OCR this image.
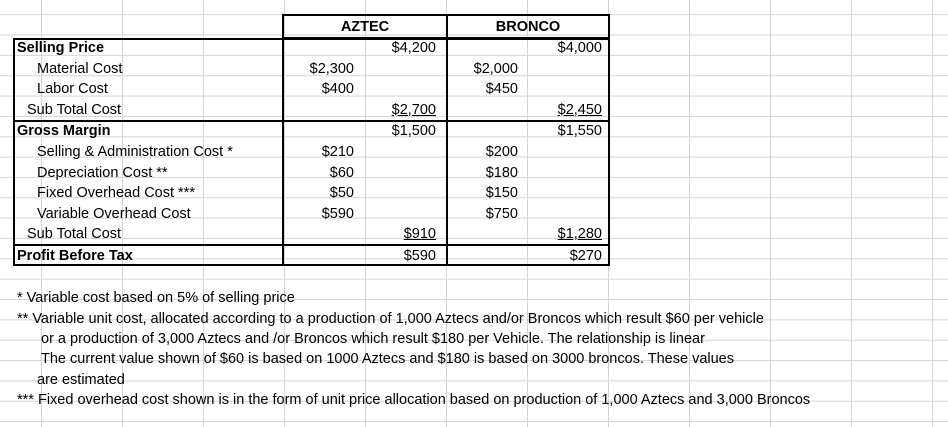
AZTEC	BRONCO
Selling Price	$4,200	$4,000
Material Cost	$2,300	$2,000
Labor Cost	$400	$450
Sub Total Cost	$2,700	$2,450
Gross Margin	$1,500	$1,550
Selling & Administration Cost *	$210	$200
Depreciation Cost **	$60	$180
Fixed Overhead Cost ***	$50	$150
Variable Overhead Cost	$590	$750
Sub Total Cost	$910	$1,280
Profit Before Tax	$590	$270
* Variable cost based on 5% of selling price
** Variable unit cost, allocated according to a production of 1,000 Aztecs and/or Broncos which result $60 per vehicle
or a production of 3,000 Aztecs and /or Broncos which result $180 per Vehicle. The relationship is linear
The current value shown of $60 is based on 1000 Aztecs and $180 is based on 3000 broncos. These values
are estimated
*** Fixed overhead cost shown is in the form of unit price allocation based on production of 1,000 Aztecs and 3,000 Broncos
